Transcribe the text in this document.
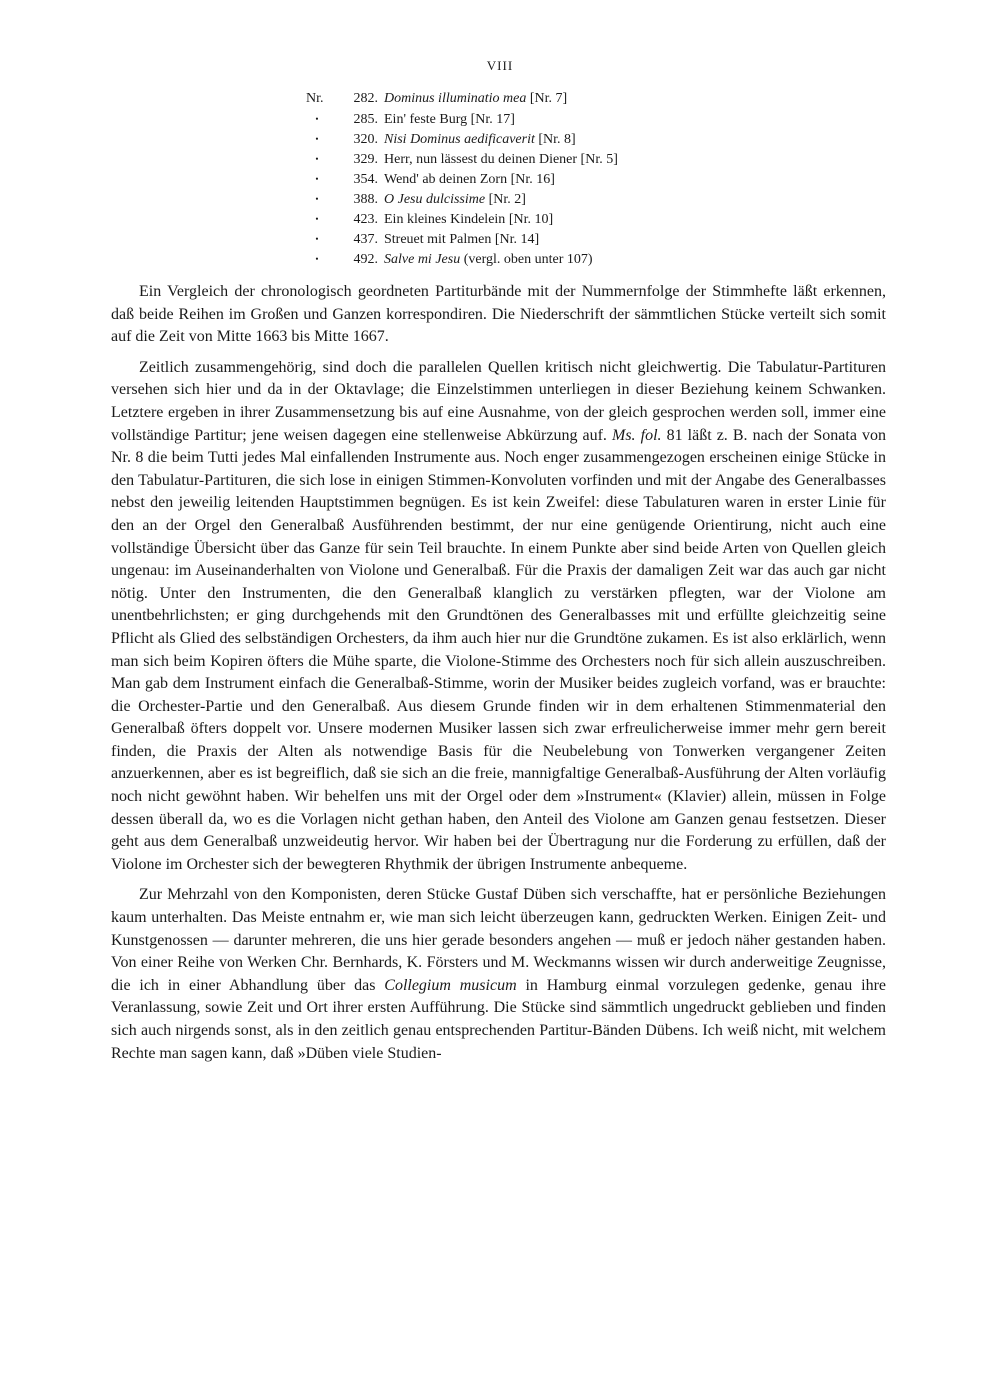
VIII
Nr. 282. Dominus illuminatio mea [Nr. 7]
• 285. Ein' feste Burg [Nr. 17]
• 320. Nisi Dominus aedificaverit [Nr. 8]
• 329. Herr, nun lässest du deinen Diener [Nr. 5]
• 354. Wend' ab deinen Zorn [Nr. 16]
• 388. O Jesu dulcissime [Nr. 2]
• 423. Ein kleines Kindelein [Nr. 10]
• 437. Streuet mit Palmen [Nr. 14]
• 492. Salve mi Jesu (vergl. oben unter 107)

Ein Vergleich der chronologisch geordneten Partiturbände mit der Nummernfolge der Stimmhefte läßt erkennen, daß beide Reihen im Großen und Ganzen korrespondiren. Die Niederschrift der sämmtlichen Stücke verteilt sich somit auf die Zeit von Mitte 1663 bis Mitte 1667.

Zeitlich zusammengehörig, sind doch die parallelen Quellen kritisch nicht gleichwertig. Die Tabulatur-Partituren versehen sich hier und da in der Oktavlage; die Einzelstimmen unterliegen in dieser Beziehung keinem Schwanken. Letztere ergeben in ihrer Zusammensetzung bis auf eine Ausnahme, von der gleich gesprochen werden soll, immer eine vollständige Partitur; jene weisen dagegen eine stellenweise Abkürzung auf. Ms. fol. 81 läßt z. B. nach der Sonata von Nr. 8 die beim Tutti jedes Mal einfallenden Instrumente aus. Noch enger zusammengezogen erscheinen einige Stücke in den Tabulatur-Partituren, die sich lose in einigen Stimmen-Konvoluten vorfinden und mit der Angabe des Generalbasses nebst den jeweilig leitenden Hauptstimmen begnügen. Es ist kein Zweifel: diese Tabulaturen waren in erster Linie für den an der Orgel den Generalbaß Ausführenden bestimmt, der nur eine genügende Orientirung, nicht auch eine vollständige Übersicht über das Ganze für sein Teil brauchte. In einem Punkte aber sind beide Arten von Quellen gleich ungenau: im Auseinanderhalten von Violone und Generalbaß. Für die Praxis der damaligen Zeit war das auch gar nicht nötig. Unter den Instrumenten, die den Generalbaß klanglich zu verstärken pflegten, war der Violone am unentbehrlichsten; er ging durchgehends mit den Grundtönen des Generalbasses mit und erfüllte gleichzeitig seine Pflicht als Glied des selbständigen Orchesters, da ihm auch hier nur die Grundtöne zukamen. Es ist also erklärlich, wenn man sich beim Kopiren öfters die Mühe sparte, die Violone-Stimme des Orchesters noch für sich allein auszuschreiben. Man gab dem Instrument einfach die Generalbaß-Stimme, worin der Musiker beides zugleich vorfand, was er brauchte: die Orchester-Partie und den Generalbaß. Aus diesem Grunde finden wir in dem erhaltenen Stimmenmaterial den Generalbaß öfters doppelt vor. Unsere modernen Musiker lassen sich zwar erfreulicherweise immer mehr gern bereit finden, die Praxis der Alten als notwendige Basis für die Neubelebung von Tonwerken vergangener Zeiten anzuerkennen, aber es ist begreiflich, daß sie sich an die freie, mannigfaltige Generalbaß-Ausführung der Alten vorläufig noch nicht gewöhnt haben. Wir behelfen uns mit der Orgel oder dem »Instrument« (Klavier) allein, müssen in Folge dessen überall da, wo es die Vorlagen nicht gethan haben, den Anteil des Violone am Ganzen genau festsetzen. Dieser geht aus dem Generalbaß unzweideutig hervor. Wir haben bei der Übertragung nur die Forderung zu erfüllen, daß der Violone im Orchester sich der bewegteren Rhythmik der übrigen Instrumente anbequeme.

Zur Mehrzahl von den Komponisten, deren Stücke Gustaf Düben sich verschaffte, hat er persönliche Beziehungen kaum unterhalten. Das Meiste entnahm er, wie man sich leicht überzeugen kann, gedruckten Werken. Einigen Zeit- und Kunstgenossen — darunter mehreren, die uns hier gerade besonders angehen — muß er jedoch näher gestanden haben. Von einer Reihe von Werken Chr. Bernhards, K. Försters und M. Weckmanns wissen wir durch anderweitige Zeugnisse, die ich in einer Abhandlung über das Collegium musicum in Hamburg einmal vorzulegen gedenke, genau ihre Veranlassung, sowie Zeit und Ort ihrer ersten Aufführung. Die Stücke sind sämmtlich ungedruckt geblieben und finden sich auch nirgends sonst, als in den zeitlich genau entsprechenden Partitur-Bänden Dübens. Ich weiß nicht, mit welchem Rechte man sagen kann, daß »Düben viele Studien-
